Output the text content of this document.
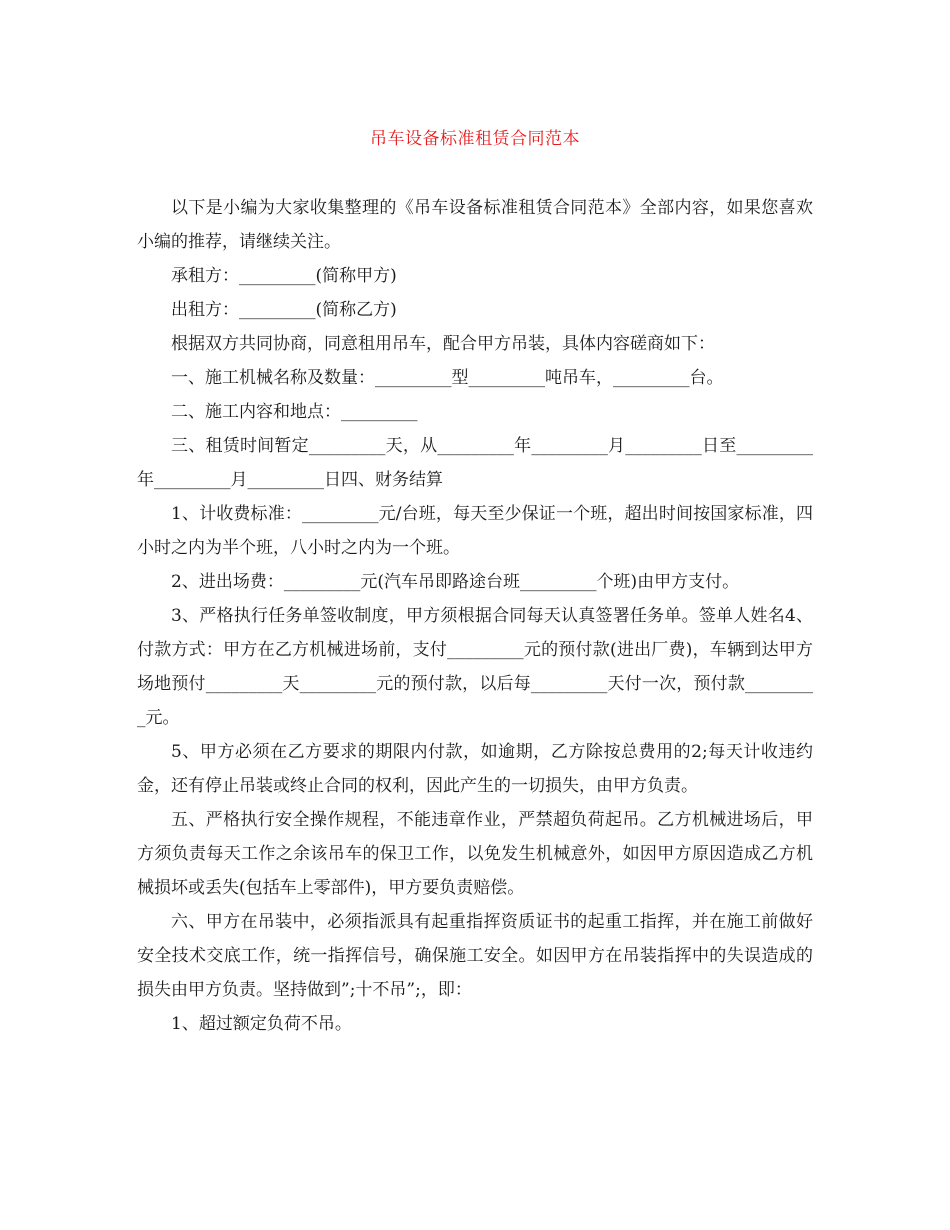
吊车设备标准租赁合同范本

以下是小编为大家收集整理的《吊车设备标准租赁合同范本》全部内容，如果您喜欢小编的推荐，请继续关注。

承租方：_________(简称甲方)

出租方：_________(简称乙方)

根据双方共同协商，同意租用吊车，配合甲方吊装，具体内容磋商如下：

一、施工机械名称及数量：_________型_________吨吊车，_________台。

二、施工内容和地点：_________

三、租赁时间暂定_________天，从_________年_________月_________日至_________年_________月_________日四、财务结算

1、计收费标准：_________元/台班，每天至少保证一个班，超出时间按国家标准，四小时之内为半个班，八小时之内为一个班。

2、进出场费：_________元(汽车吊即路途台班_________个班)由甲方支付。

3、严格执行任务单签收制度，甲方须根据合同每天认真签署任务单。签单人姓名4、付款方式：甲方在乙方机械进场前，支付_________元的预付款(进出厂费)，车辆到达甲方场地预付_________天_________元的预付款，以后每_________天付一次，预付款_________元。

5、甲方必须在乙方要求的期限内付款，如逾期，乙方除按总费用的2;每天计收违约金，还有停止吊装或终止合同的权利，因此产生的一切损失，由甲方负责。

五、严格执行安全操作规程，不能违章作业，严禁超负荷起吊。乙方机械进场后，甲方须负责每天工作之余该吊车的保卫工作，以免发生机械意外，如因甲方原因造成乙方机械损坏或丢失(包括车上零部件)，甲方要负责赔偿。

六、甲方在吊装中，必须指派具有起重指挥资质证书的起重工指挥，并在施工前做好安全技术交底工作，统一指挥信号，确保施工安全。如因甲方在吊装指挥中的失误造成的损失由甲方负责。坚持做到”;十不吊”;，即：

1、超过额定负荷不吊。
